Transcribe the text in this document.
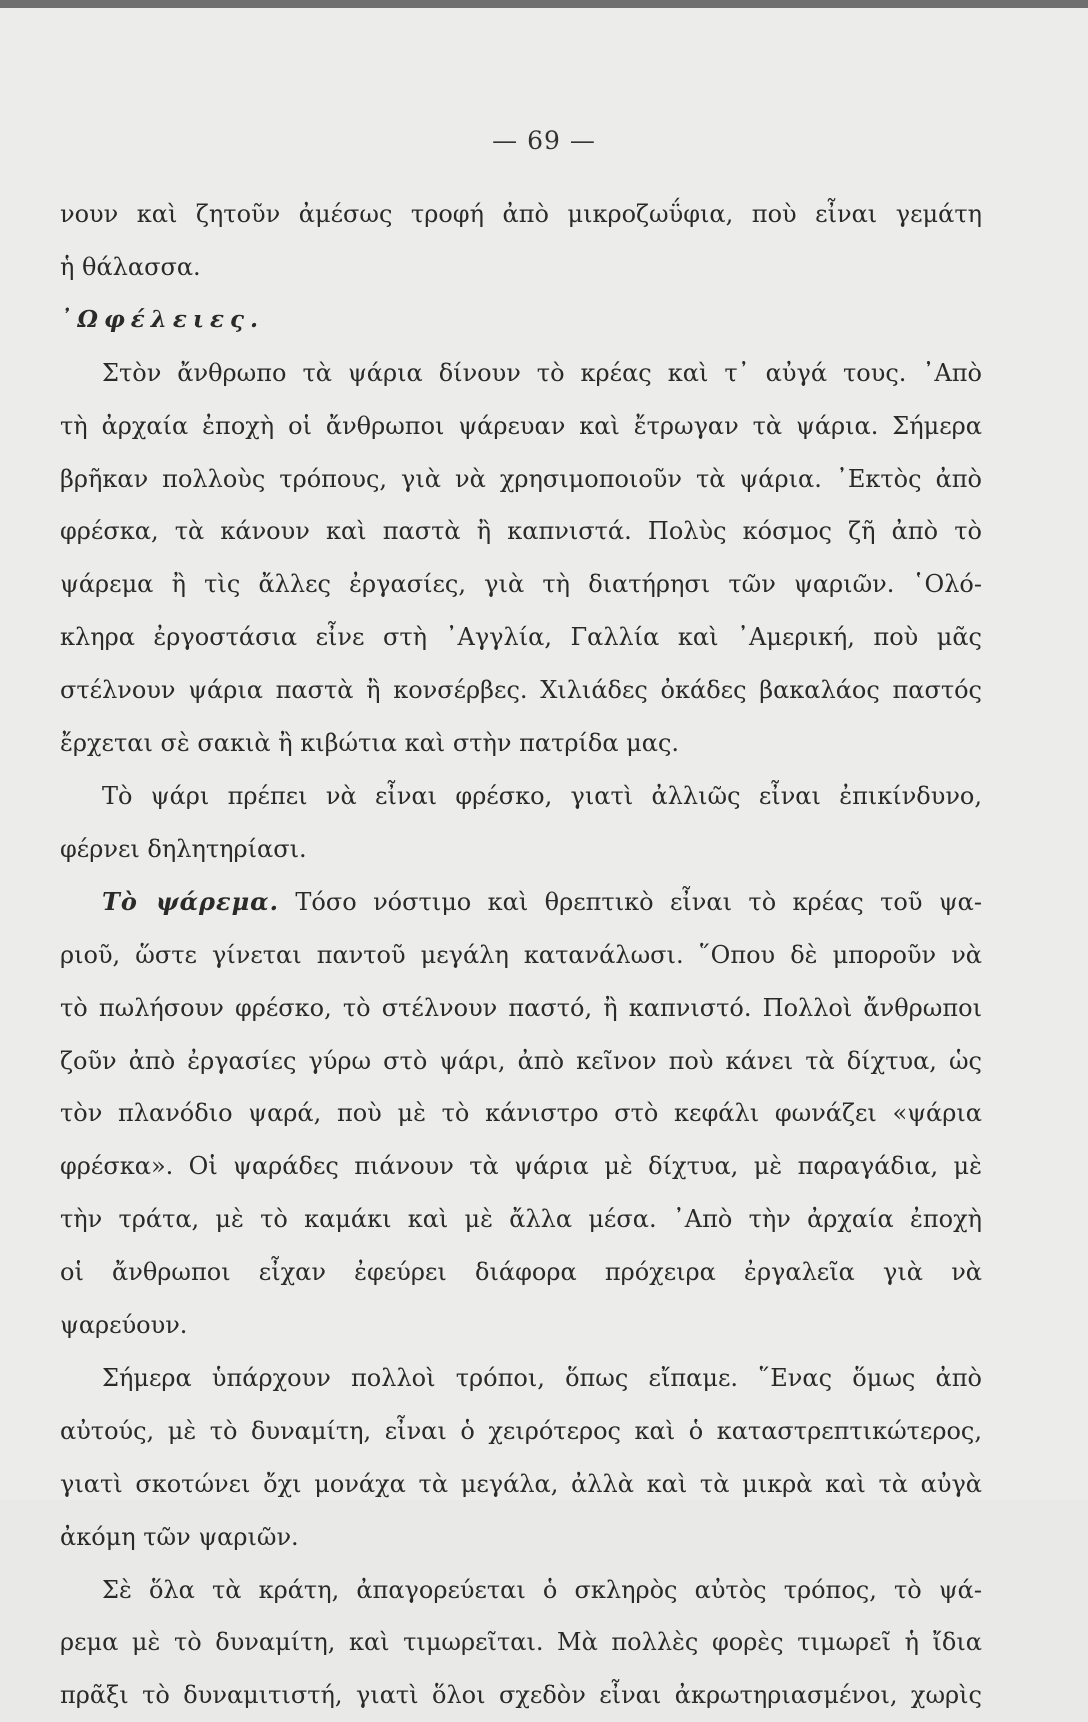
— 69 —
νουν καὶ ζητοῦν ἀμέσως τροφή ἀπὸ μικροζωΰφια, ποὺ εἶναι γεμάτη
ἡ θάλασσα.
᾿Ωφέλειες.
Στὸν ἄνθρωπο τὰ ψάρια δίνουν τὸ κρέας καὶ τ᾿ αὐγά τους. ᾿Απὸ
τὴ ἀρχαία ἐποχὴ οἱ ἄνθρωποι ψάρευαν καὶ ἔτρωγαν τὰ ψάρια. Σήμερα
βρῆκαν πολλοὺς τρόπους, γιὰ νὰ χρησιμοποιοῦν τὰ ψάρια. ᾿Εκτὸς ἀπὸ
φρέσκα, τὰ κάνουν καὶ παστὰ ἢ καπνιστά. Πολὺς κόσμος ζῆ ἀπὸ τὸ
ψάρεμα ἢ τὶς ἄλλες ἐργασίες, γιὰ τὴ διατήρησι τῶν ψαριῶν. ῾Ολό-
κληρα ἐργοστάσια εἶνε στὴ ᾿Αγγλία, Γαλλία καὶ ᾿Αμερική, ποὺ μᾶς
στέλνουν ψάρια παστὰ ἢ κονσέρβες. Χιλιάδες ὀκάδες βακαλάος παστός
ἔρχεται σὲ σακιὰ ἢ κιβώτια καὶ στὴν πατρίδα μας.
Τὸ ψάρι πρέπει νὰ εἶναι φρέσκο, γιατὶ ἀλλιῶς εἶναι ἐπικίνδυνο,
φέρνει δηλητηρίασι.
Τὸ ψάρεμα. Τόσο νόστιμο καὶ θρεπτικὸ εἶναι τὸ κρέας τοῦ ψα-
ριοῦ, ὥστε γίνεται παντοῦ μεγάλη κατανάλωσι. ῞Οπου δὲ μποροῦν νὰ
τὸ πωλήσουν φρέσκο, τὸ στέλνουν παστό, ἢ καπνιστό. Πολλοὶ ἄνθρωποι
ζοῦν ἀπὸ ἐργασίες γύρω στὸ ψάρι, ἀπὸ κεῖνον ποὺ κάνει τὰ δίχτυα, ὡς
τὸν πλανόδιο ψαρά, ποὺ μὲ τὸ κάνιστρο στὸ κεφάλι φωνάζει «ψάρια
φρέσκα». Οἱ ψαράδες πιάνουν τὰ ψάρια μὲ δίχτυα, μὲ παραγάδια, μὲ
τὴν τράτα, μὲ τὸ καμάκι καὶ μὲ ἄλλα μέσα. ᾿Απὸ τὴν ἀρχαία ἐποχὴ
οἱ ἄνθρωποι εἶχαν ἐφεύρει διάφορα πρόχειρα ἐργαλεῖα γιὰ νὰ
ψαρεύουν.
Σήμερα ὑπάρχουν πολλοὶ τρόποι, ὅπως εἴπαμε. ῞Ενας ὅμως ἀπὸ
αὐτούς, μὲ τὸ δυναμίτη, εἶναι ὁ χειρότερος καὶ ὁ καταστρεπτικώτερος,
γιατὶ σκοτώνει ὄχι μονάχα τὰ μεγάλα, ἀλλὰ καὶ τὰ μικρὰ καὶ τὰ αὐγὰ
ἀκόμη τῶν ψαριῶν.
Σὲ ὅλα τὰ κράτη, ἀπαγορεύεται ὁ σκληρὸς αὐτὸς τρόπος, τὸ ψά-
ρεμα μὲ τὸ δυναμίτη, καὶ τιμωρεῖται. Μὰ πολλὲς φορὲς τιμωρεῖ ἡ ἴδια
πρᾶξι τὸ δυναμιτιστή, γιατὶ ὅλοι σχεδὸν εἶναι ἀκρωτηριασμένοι, χωρὶς
